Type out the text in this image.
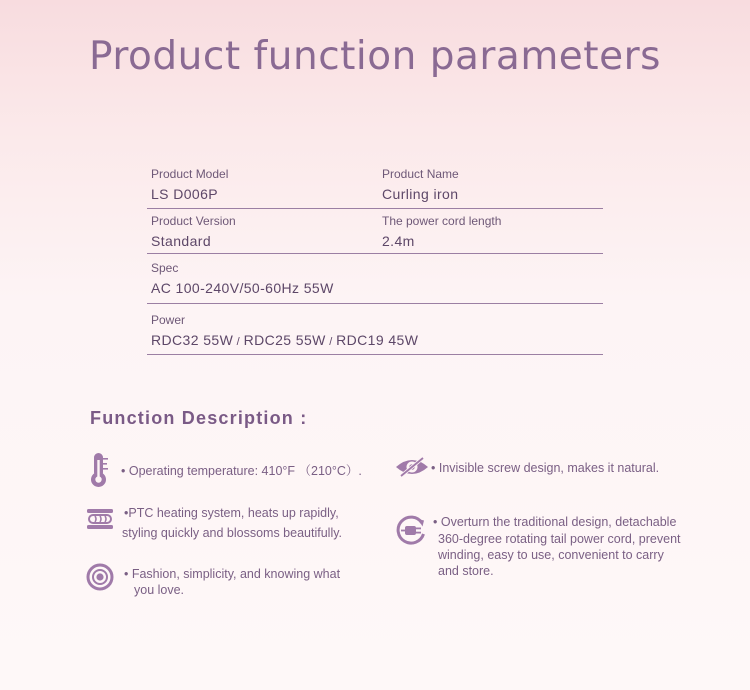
Product function parameters
Product Model
LS D006P
Product Name
Curling iron
Product Version
Standard
The power cord length
2.4m
Spec
AC 100-240V/50-60Hz 55W
Power
RDC32 55W / RDC25 55W / RDC19 45W
Function Description :
• Operating temperature: 410°F （210°C）.
•PTC heating system, heats up rapidly,
styling quickly and blossoms beautifully.
• Fashion, simplicity, and knowing what
you love.
• Invisible screw design, makes it natural.
• Overturn the traditional design, detachable
360-degree rotating tail power cord, prevent
winding, easy to use, convenient to carry
and store.
